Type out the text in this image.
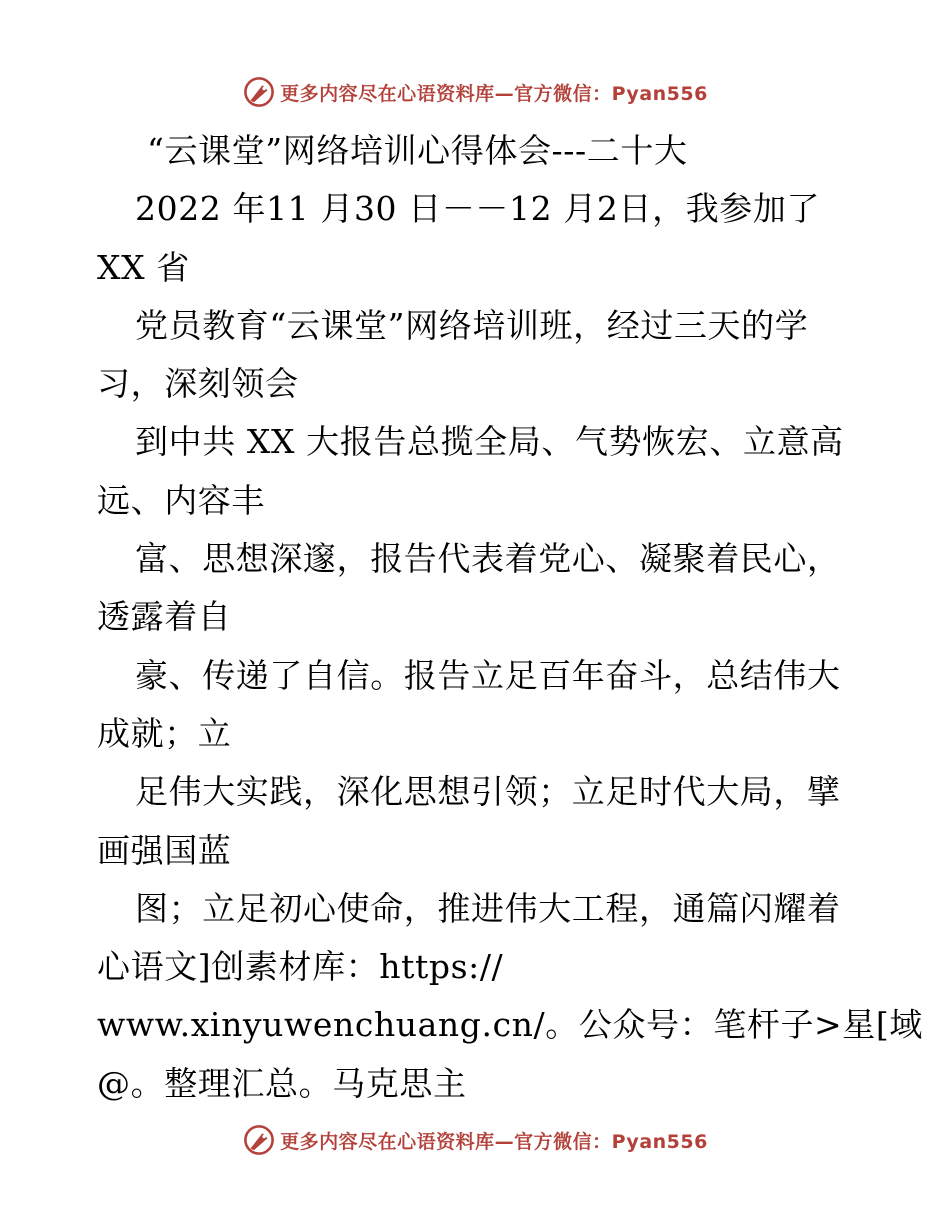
更多内容尽在心语资料库—官方微信：Pyan556
“云课堂”网络培训心得体会---二十大
2022 年11 月30 日－－12 月2日，我参加了
XX 省
党员教育“云课堂”网络培训班，经过三天的学
习，深刻领会
到中共 XX 大报告总揽全局、气势恢宏、立意高
远、内容丰
富、思想深邃，报告代表着党心、凝聚着民心，
透露着自
豪、传递了自信。报告立足百年奋斗，总结伟大
成就；立
足伟大实践，深化思想引领；立足时代大局，擘
画强国蓝
图；立足初心使命，推进伟大工程，通篇闪耀着
心语文]创素材库：https://
www.xinyuwenchuang.cn/。公众号：笔杆子>星[域
@。整理汇总。马克思主
更多内容尽在心语资料库—官方微信：Pyan556
